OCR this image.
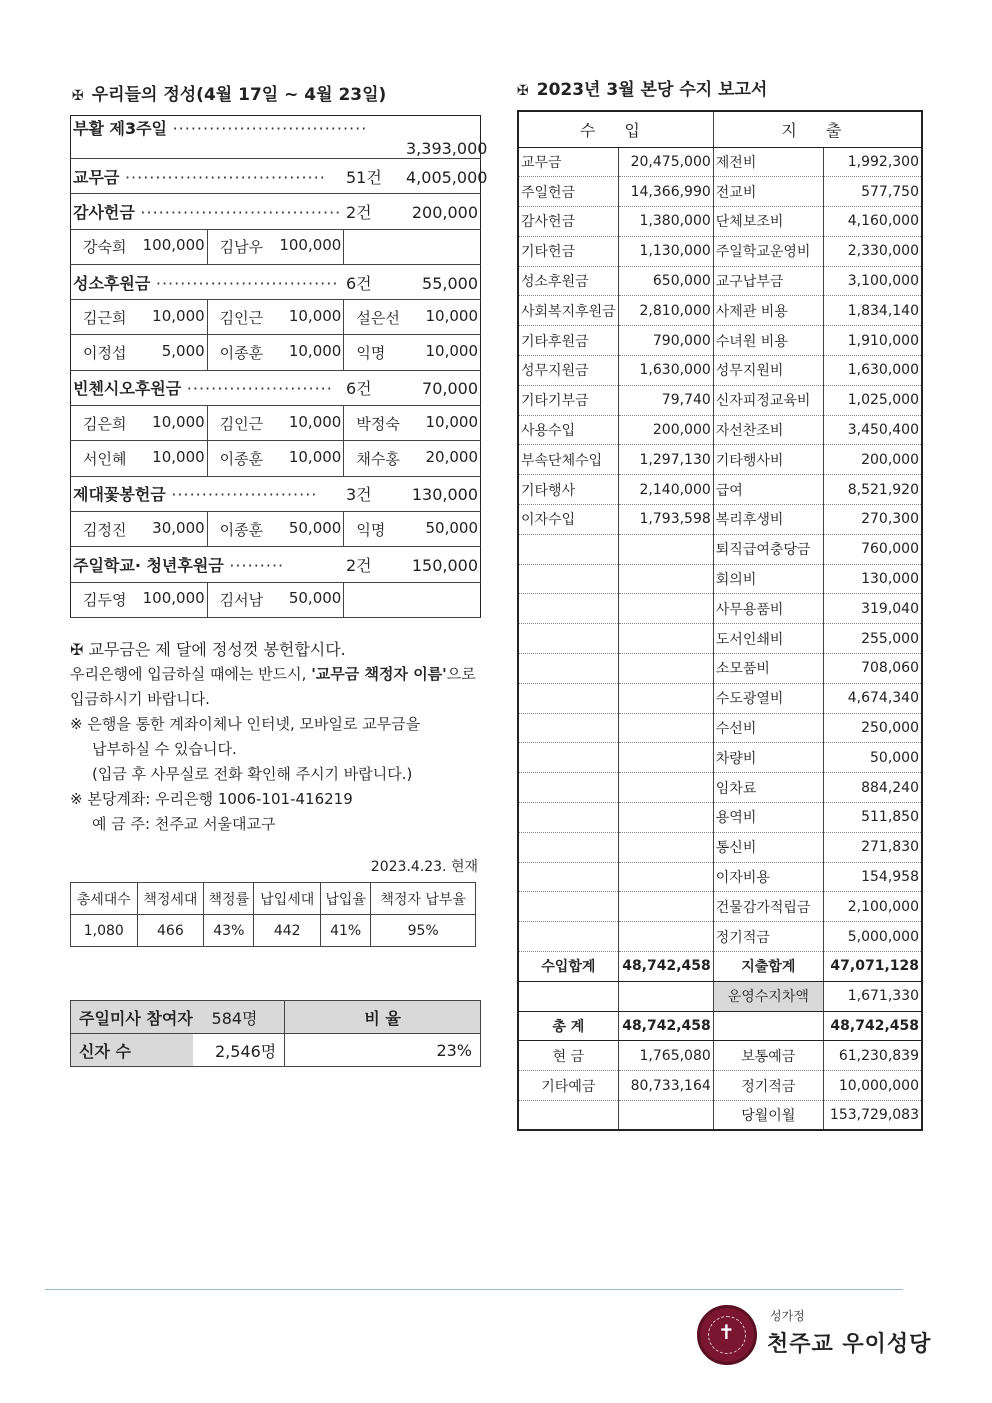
✠ 우리들의 정성(4월 17일 ~ 4월 23일)	✠ 2023년 3월 본당 수지 보고서
부활 제3주일 ································
3,393,000		

교무금 ································· 51건 4,005,000		

감사헌금 ································· 2건 200,000		

강숙희 100,000	김남우 100,000	

성소후원금 ······························ 6건 55,000		

김근희 10,000	김인근 10,000	설은선 10,000

이정섭 5,000	이종훈 10,000	익명 10,000

빈첸시오후원금 ························ 6건 70,000		

김은희 10,000	김인근 10,000	박정숙 10,000

서인혜 10,000	이종훈 10,000	채수홍 20,000

제대꽃봉헌금 ························ 3건 130,000		

김정진 30,000	이종훈 50,000	익명 50,000

주일학교· 청년후원금 ········· 2건 150,000		

김두영 100,000	김서남 50,000	

✠ 교무금은 제 달에 정성껏 봉헌합시다.
우리은행에 입금하실 때에는 반드시, '교무금 책정자 이름'으로 입금하시기 바랍니다.
※ 은행을 통한 계좌이체나 인터넷, 모바일로 교무금을
납부하실 수 있습니다.
(입금 후 사무실로 전화 확인해 주시기 바랍니다.)
※ 본당계좌: 우리은행 1006-101-416219
예 금 주: 천주교 서울대교구
2023.4.23. 현재
총세대수	책정세대	책정률	납입세대	납입율	책정자 납부율
1,080	466	43%	442	41%	95%
주일미사 참여자	584명	비 율
신자 수	2,546명	23%
수 입		지 출	
교무금	20,475,000	제전비	1,992,300
주일헌금	14,366,990	전교비	577,750
감사헌금	1,380,000	단체보조비	4,160,000
기타헌금	1,130,000	주일학교운영비	2,330,000
성소후원금	650,000	교구납부금	3,100,000
사회복지후원금	2,810,000	사제관 비용	1,834,140
기타후원금	790,000	수녀원 비용	1,910,000
성무지원금	1,630,000	성무지원비	1,630,000
기타기부금	79,740	신자피정교육비	1,025,000
사용수입	200,000	자선찬조비	3,450,400
부속단체수입	1,297,130	기타행사비	200,000
기타행사	2,140,000	급여	8,521,920
이자수입	1,793,598	복리후생비	270,300
		퇴직급여충당금	760,000
		회의비	130,000
		사무용품비	319,040
		도서인쇄비	255,000
		소모품비	708,060
		수도광열비	4,674,340
		수선비	250,000
		차량비	50,000
		임차료	884,240
		용역비	511,850
		통신비	271,830
		이자비용	154,958
		건물감가적립금	2,100,000
		정기적금	5,000,000
수입합계	48,742,458	지출합계	47,071,128
		운영수지차액	1,671,330
총 계	48,742,458		48,742,458
현 금	1,765,080	보통예금	61,230,839
기타예금	80,733,164	정기적금	10,000,000
		당월이월	153,729,083
✝
성가정
천주교 우이성당
